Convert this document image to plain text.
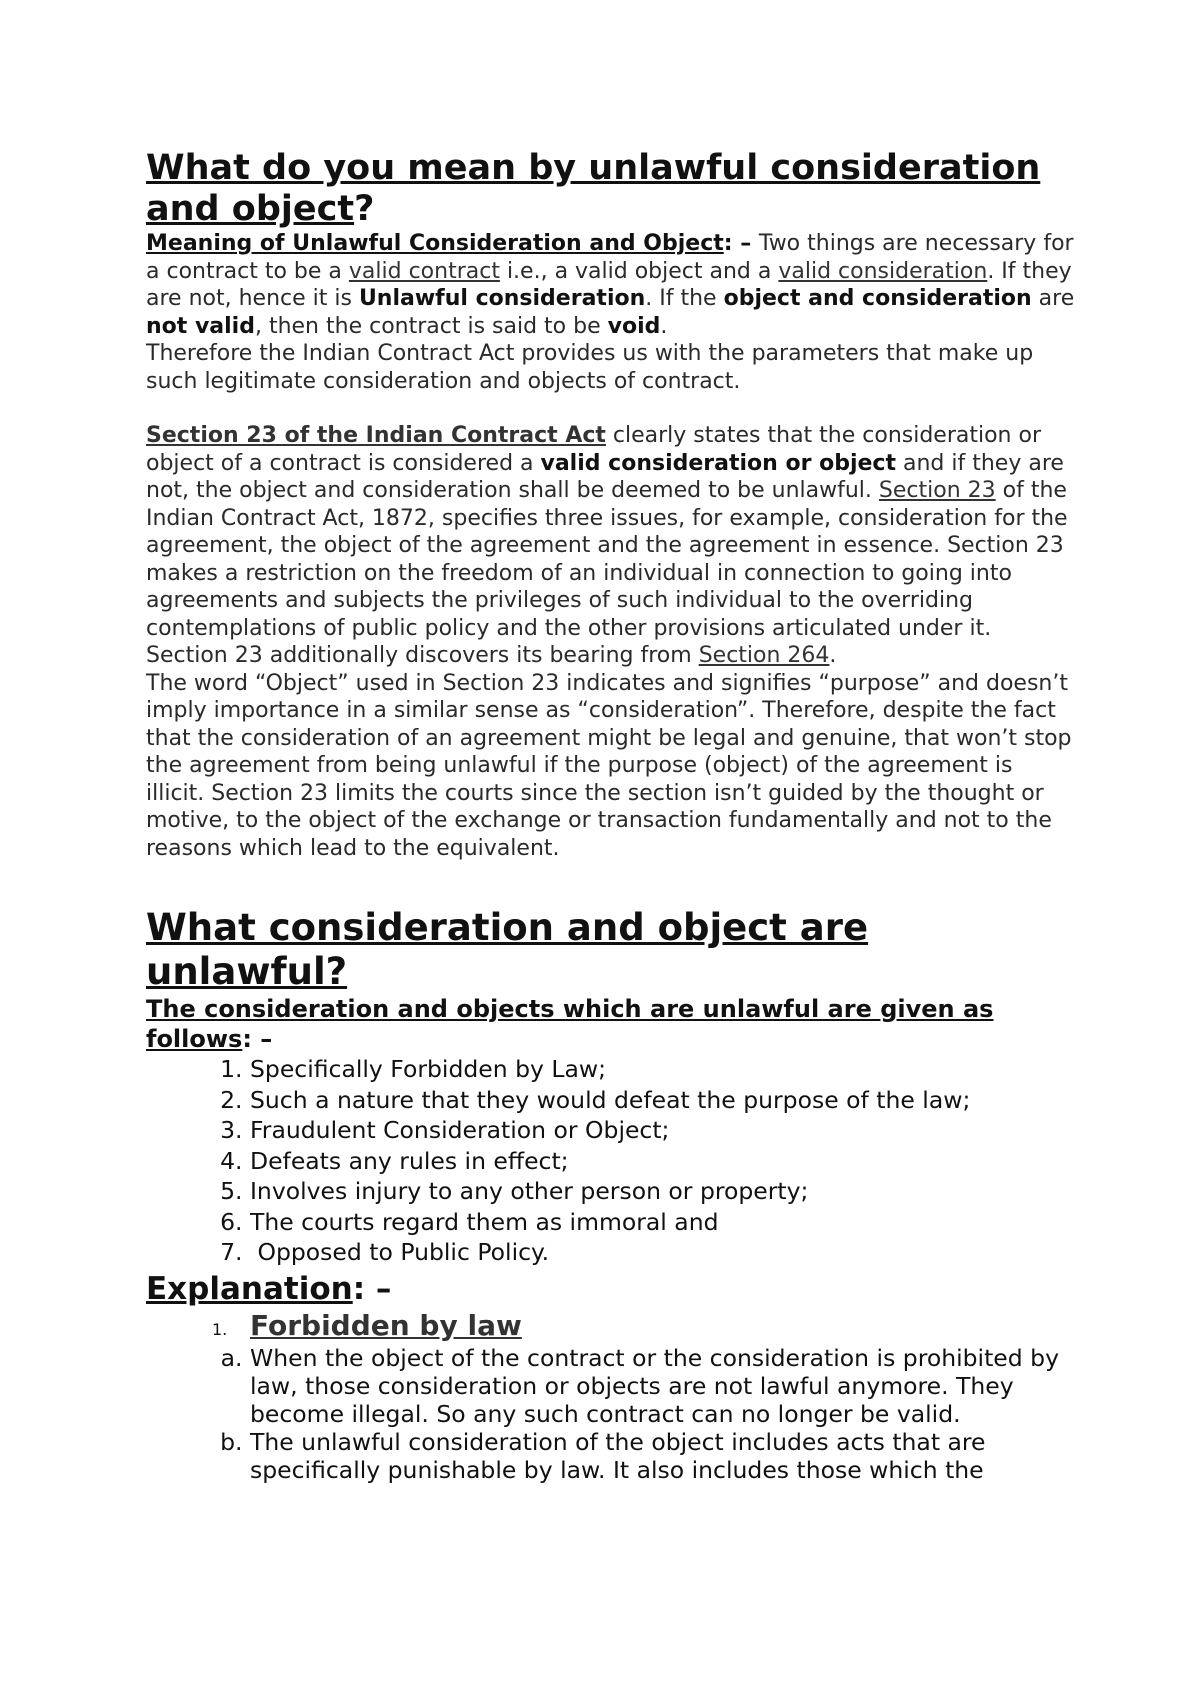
What do you mean by unlawful consideration and object?

Meaning of Unlawful Consideration and Object: – Two things are necessary for a contract to be a valid contract i.e., a valid object and a valid consideration. If they are not, hence it is Unlawful consideration. If the object and consideration are not valid, then the contract is said to be void.

Therefore the Indian Contract Act provides us with the parameters that make up such legitimate consideration and objects of contract.

Section 23 of the Indian Contract Act clearly states that the consideration or object of a contract is considered a valid consideration or object and if they are not, the object and consideration shall be deemed to be unlawful. Section 23 of the Indian Contract Act, 1872, specifies three issues, for example, consideration for the agreement, the object of the agreement and the agreement in essence. Section 23 makes a restriction on the freedom of an individual in connection to going into agreements and subjects the privileges of such individual to the overriding contemplations of public policy and the other provisions articulated under it. Section 23 additionally discovers its bearing from Section 264.

The word “Object” used in Section 23 indicates and signifies “purpose” and doesn’t imply importance in a similar sense as “consideration”. Therefore, despite the fact that the consideration of an agreement might be legal and genuine, that won’t stop the agreement from being unlawful if the purpose (object) of the agreement is illicit. Section 23 limits the courts since the section isn’t guided by the thought or motive, to the object of the exchange or transaction fundamentally and not to the reasons which lead to the equivalent.

What consideration and object are unlawful?
The consideration and objects which are unlawful are given as follows: –
1. Specifically Forbidden by Law;
2. Such a nature that they would defeat the purpose of the law;
3. Fraudulent Consideration or Object;
4. Defeats any rules in effect;
5. Involves injury to any other person or property;
6. The courts regard them as immoral and
7.  Opposed to Public Policy.
Explanation: –
1. Forbidden by law
a. When the object of the contract or the consideration is prohibited by law, those consideration or objects are not lawful anymore. They become illegal. So any such contract can no longer be valid.
b. The unlawful consideration of the object includes acts that are specifically punishable by law. It also includes those which the
